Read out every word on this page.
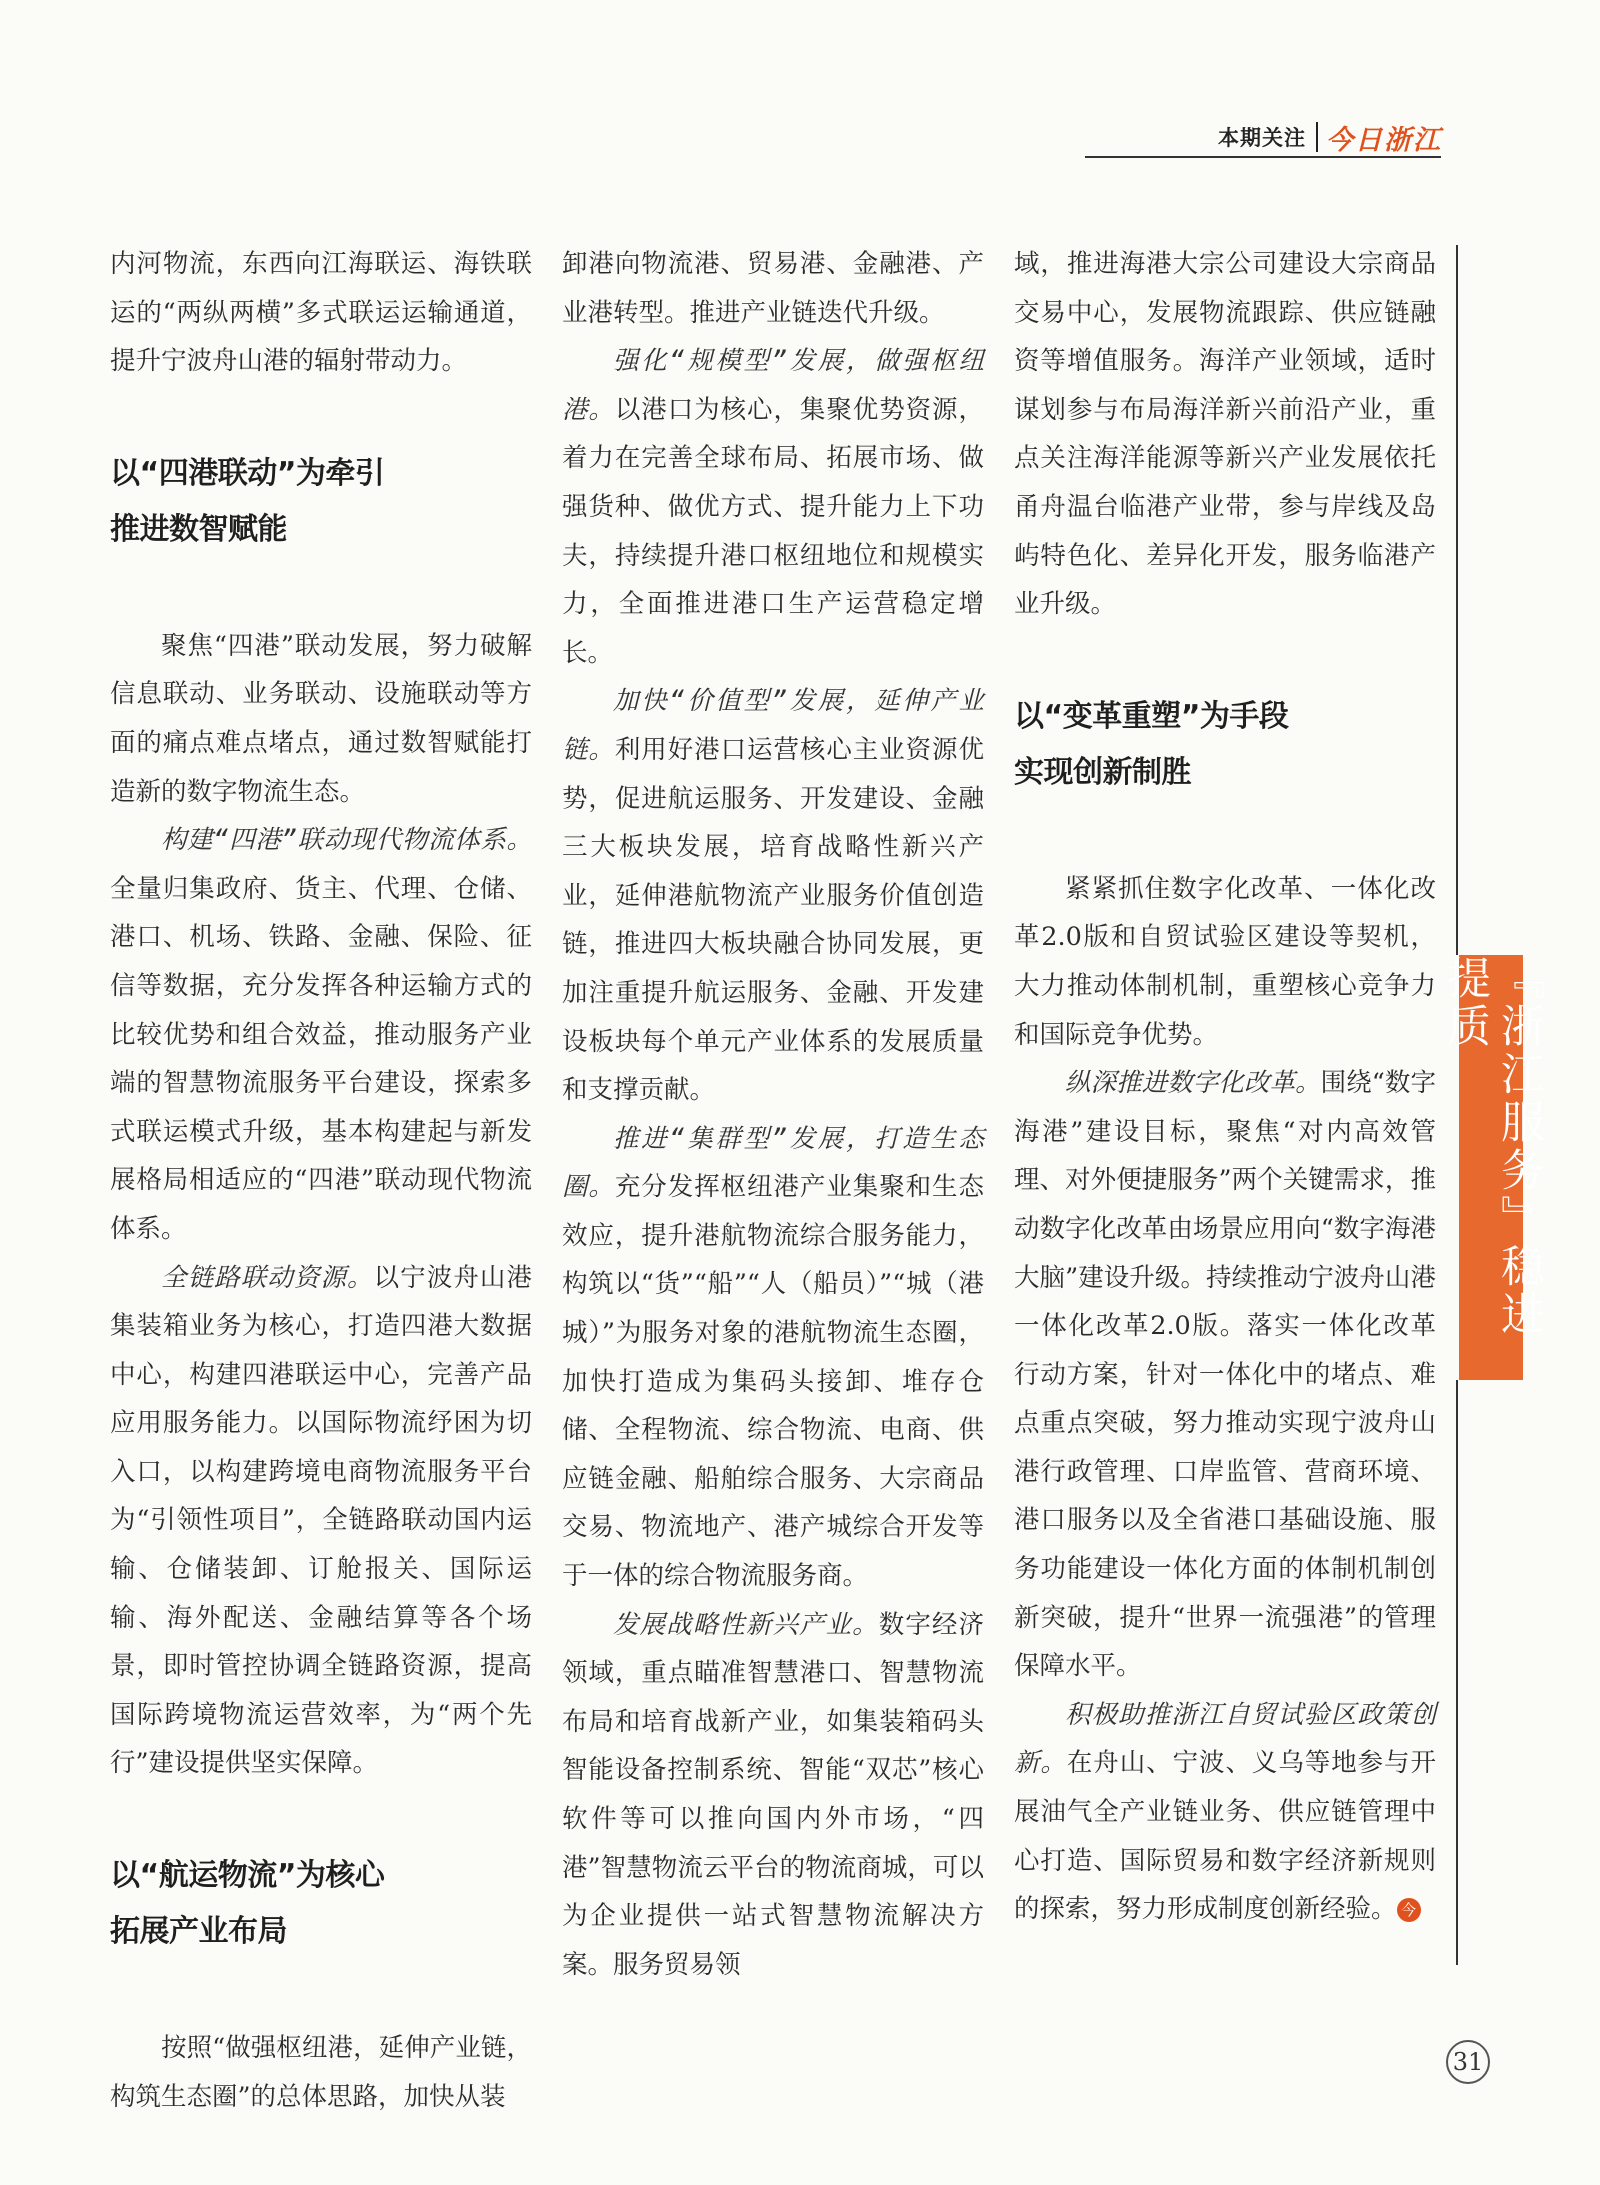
本期关注 今日浙江

内河物流，东西向江海联运、海铁联运的“两纵两横”多式联运运输通道，提升宁波舟山港的辐射带动力。

以“四港联动”为牵引
推进数智赋能

聚焦“四港”联动发展，努力破解信息联动、业务联动、设施联动等方面的痛点难点堵点，通过数智赋能打造新的数字物流生态。

构建“四港”联动现代物流体系。全量归集政府、货主、代理、仓储、港口、机场、铁路、金融、保险、征信等数据，充分发挥各种运输方式的比较优势和组合效益，推动服务产业端的智慧物流服务平台建设，探索多式联运模式升级，基本构建起与新发展格局相适应的“四港”联动现代物流体系。

全链路联动资源。以宁波舟山港集装箱业务为核心，打造四港大数据中心，构建四港联运中心，完善产品应用服务能力。以国际物流纾困为切入口，以构建跨境电商物流服务平台为“引领性项目”，全链路联动国内运输、仓储装卸、订舱报关、国际运输、海外配送、金融结算等各个场景，即时管控协调全链路资源，提高国际跨境物流运营效率，为“两个先行”建设提供坚实保障。

以“航运物流”为核心
拓展产业布局

按照“做强枢纽港，延伸产业链，构筑生态圈”的总体思路，加快从装

卸港向物流港、贸易港、金融港、产业港转型。推进产业链迭代升级。

强化“规模型”发展，做强枢纽港。以港口为核心，集聚优势资源，着力在完善全球布局、拓展市场、做强货种、做优方式、提升能力上下功夫，持续提升港口枢纽地位和规模实力，全面推进港口生产运营稳定增长。

加快“价值型”发展，延伸产业链。利用好港口运营核心主业资源优势，促进航运服务、开发建设、金融三大板块发展，培育战略性新兴产业，延伸港航物流产业服务价值创造链，推进四大板块融合协同发展，更加注重提升航运服务、金融、开发建设板块每个单元产业体系的发展质量和支撑贡献。

推进“集群型”发展，打造生态圈。充分发挥枢纽港产业集聚和生态效应，提升港航物流综合服务能力，构筑以“货”“船”“人（船员）”“城（港城）”为服务对象的港航物流生态圈，加快打造成为集码头接卸、堆存仓储、全程物流、综合物流、电商、供应链金融、船舶综合服务、大宗商品交易、物流地产、港产城综合开发等于一体的综合物流服务商。

发展战略性新兴产业。数字经济领域，重点瞄准智慧港口、智慧物流布局和培育战新产业，如集装箱码头智能设备控制系统、智能“双芯”核心软件等可以推向国内外市场，“四港”智慧物流云平台的物流商城，可以为企业提供一站式智慧物流解决方案。服务贸易领

域，推进海港大宗公司建设大宗商品交易中心，发展物流跟踪、供应链融资等增值服务。海洋产业领域，适时谋划参与布局海洋新兴前沿产业，重点关注海洋能源等新兴产业发展依托甬舟温台临港产业带，参与岸线及岛屿特色化、差异化开发，服务临港产业升级。

以“变革重塑”为手段
实现创新制胜

紧紧抓住数字化改革、一体化改革2.0版和自贸试验区建设等契机，大力推动体制机制，重塑核心竞争力和国际竞争优势。

纵深推进数字化改革。围绕“数字海港”建设目标，聚焦“对内高效管理、对外便捷服务”两个关键需求，推动数字化改革由场景应用向“数字海港大脑”建设升级。持续推动宁波舟山港一体化改革2.0版。落实一体化改革行动方案，针对一体化中的堵点、难点重点突破，努力推动实现宁波舟山港行政管理、口岸监管、营商环境、港口服务以及全省港口基础设施、服务功能建设一体化方面的体制机制创新突破，提升“世界一流强港”的管理保障水平。

积极助推浙江自贸试验区政策创新。在舟山、宁波、义乌等地参与开展油气全产业链业务、供应链管理中心打造、国际贸易和数字经济新规则的探索，努力形成制度创新经验。 今

『浙江服务』稳进提质
31
